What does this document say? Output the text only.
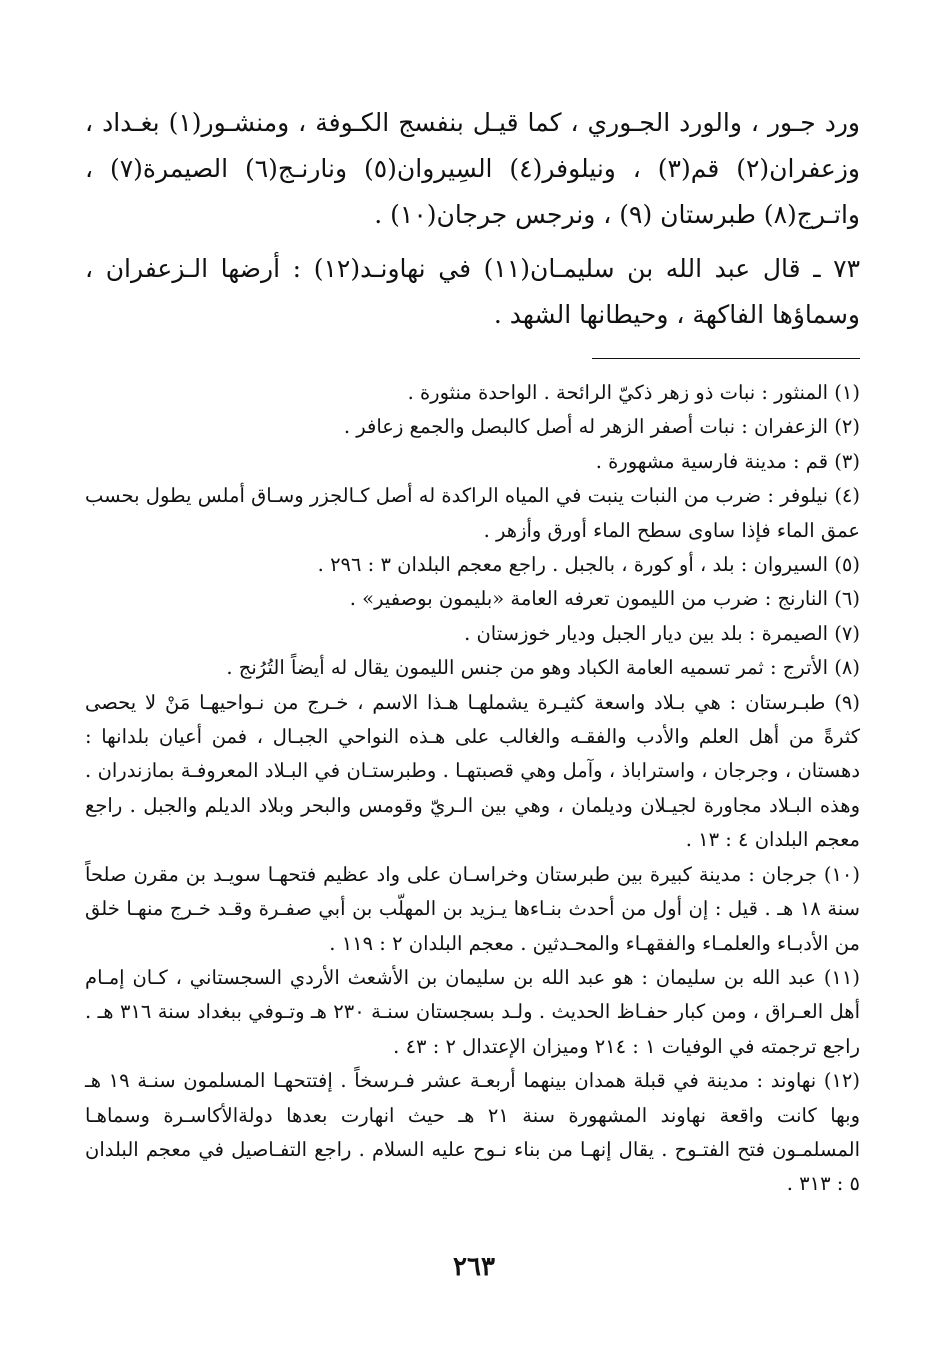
ورد جـور ، والورد الجـوري ، كما قيـل بنفسج الكـوفة ، ومنشـور(١) بغـداد ، وزعفران(٢) قم(٣) ، ونيلوفر(٤) السِيروان(٥) ونارنـج(٦) الصيمرة(٧) ، واتـرج(٨) طبرستان (٩) ، ونرجس جرجان(١٠) .

٧٣ ـ قال عبد الله بن سليمـان(١١) في نهاونـد(١٢) : أرضها الـزعفران ، وسماؤها الفاكهة ، وحيطانها الشهد .

(١) المنثور : نبات ذو زهر ذكيّ الرائحة . الواحدة منثورة .

(٢) الزعفران : نبات أصفر الزهر له أصل كالبصل والجمع زعافر .

(٣) قم : مدينة فارسية مشهورة .

(٤) نيلوفر : ضرب من النبات ينبت في المياه الراكدة له أصل كـالجزر وسـاق أملس يطول بحسب عمق الماء فإذا ساوى سطح الماء أورق وأزهر .

(٥) السيروان : بلد ، أو كورة ، بالجبل . راجع معجم البلدان ٣ : ٢٩٦ .

(٦) النارنج : ضرب من الليمون تعرفه العامة «بليمون بوصفير» .

(٧) الصيمرة : بلد بين ديار الجبل وديار خوزستان .

(٨) الأترج : ثمر تسميه العامة الكباد وهو من جنس الليمون يقال له أيضاً التُرُنج .

(٩) طبـرستان : هي بـلاد واسعة كثيـرة يشملهـا هـذا الاسم ، خـرج من نـواحيهـا مَنْ لا يحصى كثرةً من أهل العلم والأدب والفقـه والغالب على هـذه النواحي الجبـال ، فمن أعيان بلدانها : دهستان ، وجرجان ، واستراباذ ، وآمل وهي قصبتهـا . وطبرستـان في البـلاد المعروفـة بمازندران . وهذه البـلاد مجاورة لجيـلان وديلمان ، وهي بين الـريّ وقومس والبحر وبلاد الديلم والجبل . راجع معجم البلدان ٤ : ١٣ .

(١٠) جرجان : مدينة كبيرة بين طبرستان وخراسـان على واد عظيم فتحهـا سويـد بن مقرن صلحاً سنة ١٨ هـ . قيل : إن أول من أحدث بنـاءها يـزيد بن المهلّب بن أبي صفـرة وقـد خـرج منهـا خلق من الأدبـاء والعلمـاء والفقهـاء والمحـدثين . معجم البلدان ٢ : ١١٩ .

(١١) عبد الله بن سليمان : هو عبد الله بن سليمان بن الأشعث الأردي السجستاني ، كـان إمـام أهل العـراق ، ومن كبار حفـاظ الحديث . ولـد بسجستان سنـة ٢٣٠ هـ وتـوفي ببغداد سنة ٣١٦ هـ . راجع ترجمته في الوفيات ١ : ٢١٤ وميزان الإعتدال ٢ : ٤٣ .

(١٢) نهاوند : مدينة في قبلة همدان بينهما أربعـة عشر فـرسخاً . إفتتحهـا المسلمون سنـة ١٩ هـ وبها كانت واقعة نهاوند المشهورة سنة ٢١ هـ حيث انهارت بعدها دولةالأكاسـرة وسماهـا المسلمـون فتح الفتـوح . يقال إنهـا من بناء نـوح عليه السلام . راجع التفـاصيل في معجم البلدان ٥ : ٣١٣ .

٢٦٣
